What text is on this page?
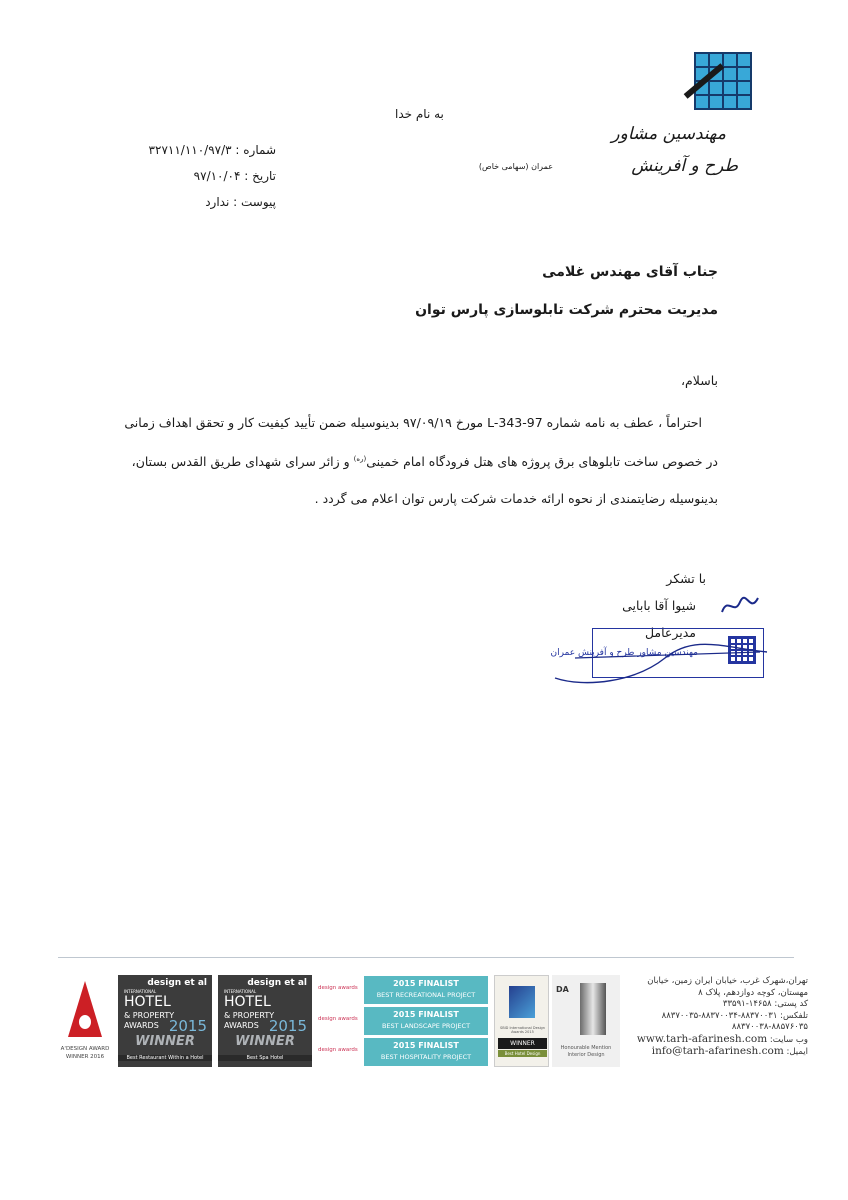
مهندسین مشاور
طرح و آفرینش
عمران (سهامی خاص)
به نام خدا
شماره : ۳۲۷۱۱/۱۱۰/۹۷/۳
تاریخ : ۹۷/۱۰/۰۴
پیوست : ندارد
جناب آقای مهندس غلامی
مدیریت محترم شرکت تابلوسازی پارس توان
باسلام،

احتراماً ، عطف به نامه شماره 97-L-343 مورخ ۹۷/۰۹/۱۹ بدینوسیله ضمن تأیید کیفیت کار و تحقق اهداف زمانی در خصوص ساخت تابلوهای برق پروژه های هتل فرودگاه امام خمینی$^{(ره)}$ و زائر سرای شهدای طریق القدس بستان، بدینوسیله رضایتمندی از نحوه ارائه خدمات شرکت پارس توان اعلام می گردد .

با تشکر
شیوا آقا بابایی
مدیرعامل
مهندسین مشاور طرح و آفرینش عمران
A'DESIGN AWARD WINNER 2016
design et al
INTERNATIONAL
HOTEL
& PROPERTY
AWARDS 2015
WINNER
Best Restaurant Within a Hotel
design et al
INTERNATIONAL
HOTEL
& PROPERTY
AWARDS 2015
WINNER
Best Spa Hotel
design awards	2015 FINALIST
BEST RECREATIONAL PROJECT
design awards	2015 FINALIST
BEST LANDSCAPE PROJECT
design awards	2015 FINALIST
BEST HOSPITALITY PROJECT
SBID International Design Awards 2015
WINNER
Best Hotel Design
DA
Honourable Mention Interior Design
تهران،شهرک غرب، خیابان ایران زمین، خیابان مهستان، کوچه دوازدهم، پلاک ۸
کد پستی: ۱۴۶۵۸-۳۳۵۹۱
تلفکس: ۸۸۳۷۰۰۳۱-۸۸۳۷۰۰۳۴-۸۸۳۷۰۰۳۵
۸۸۳۷۰۰۳۸-۸۸۵۷۶۰۳۵
وب سایت: www.tarh-afarinesh.com
ایمیل: info@tarh-afarinesh.com
